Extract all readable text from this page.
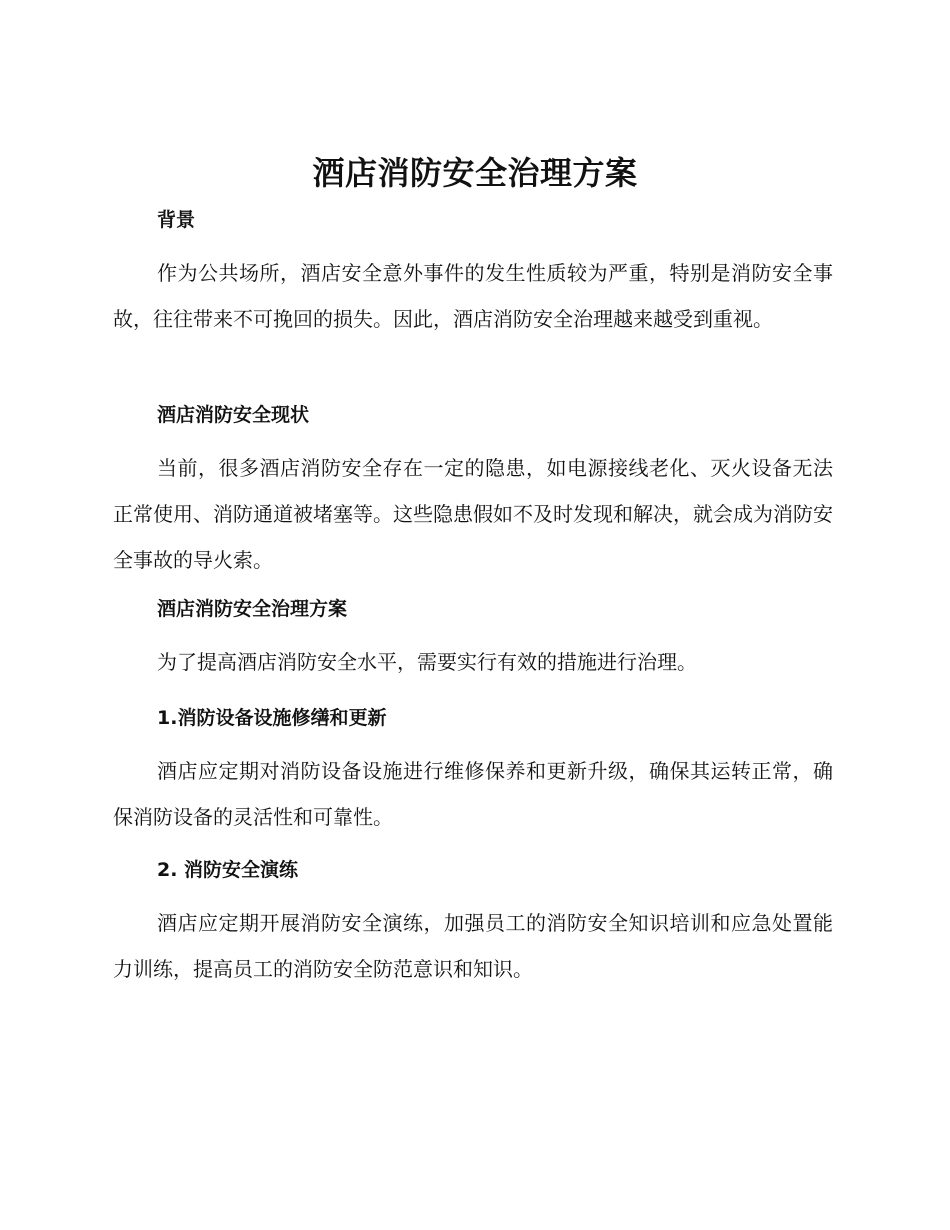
酒店消防安全治理方案
背景

作为公共场所，酒店安全意外事件的发生性质较为严重，特别是消防安全事故，往往带来不可挽回的损失。因此，酒店消防安全治理越来越受到重视。

酒店消防安全现状

当前，很多酒店消防安全存在一定的隐患，如电源接线老化、灭火设备无法正常使用、消防通道被堵塞等。这些隐患假如不及时发现和解决，就会成为消防安全事故的导火索。

酒店消防安全治理方案

为了提高酒店消防安全水平，需要实行有效的措施进行治理。

1.消防设备设施修缮和更新

酒店应定期对消防设备设施进行维修保养和更新升级，确保其运转正常，确保消防设备的灵活性和可靠性。

2. 消防安全演练

酒店应定期开展消防安全演练，加强员工的消防安全知识培训和应急处置能力训练，提高员工的消防安全防范意识和知识。
